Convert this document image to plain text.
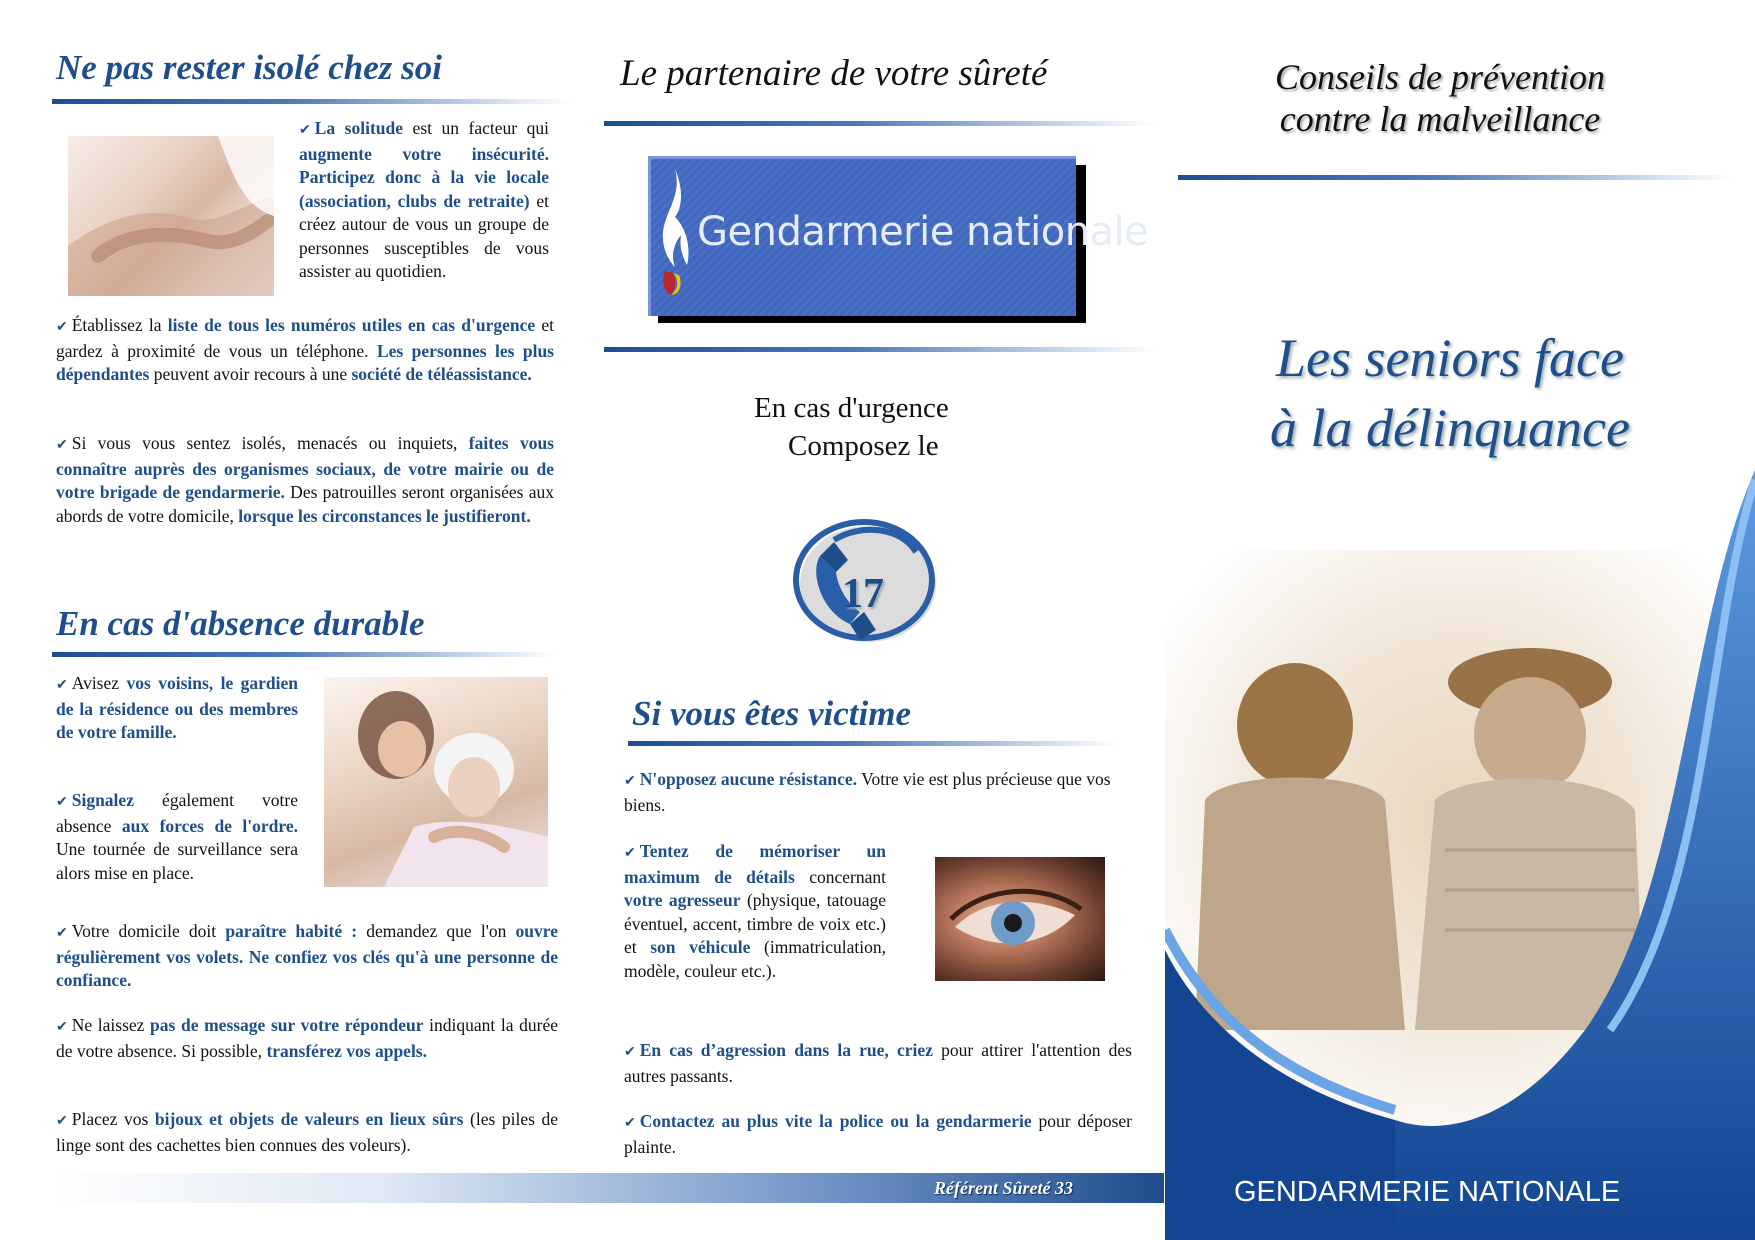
Ne pas rester isolé chez soi

✔ La solitude est un facteur qui augmente votre insécurité. Participez donc à la vie locale (association, clubs de retraite) et créez autour de vous un groupe de personnes susceptibles de vous assister au quotidien.

✔ Établissez la liste de tous les numéros utiles en cas d'urgence et gardez à proximité de vous un téléphone. Les personnes les plus dépendantes peuvent avoir recours à une société de téléassistance.

✔ Si vous vous sentez isolés, menacés ou inquiets, faites vous connaître auprès des organismes sociaux, de votre mairie ou de votre brigade de gendarmerie. Des patrouilles seront organisées aux abords de votre domicile, lorsque les circonstances le justifieront.

En cas d'absence durable

✔ Avisez vos voisins, le gardien de la résidence ou des membres de votre famille.

✔ Signalez également votre absence aux forces de l'ordre. Une tournée de surveillance sera alors mise en place.

✔ Votre domicile doit paraître habité : demandez que l'on ouvre régulièrement vos volets. Ne confiez vos clés qu'à une personne de confiance.

✔ Ne laissez pas de message sur votre répondeur indiquant la durée de votre absence. Si possible, transférez vos appels.

✔ Placez vos bijoux et objets de valeurs en lieux sûrs (les piles de linge sont des cachettes bien connues des voleurs).

Référent Sûreté 33
Le partenaire de votre sûreté
Gendarmerie nationale
En cas d'urgence
Composez le
17
Si vous êtes victime

✔ N'opposez aucune résistance. Votre vie est plus précieuse que vos biens.

✔ Tentez de mémoriser un maximum de détails concernant votre agresseur (physique, tatouage éventuel, accent, timbre de voix etc.) et son véhicule (immatriculation, modèle, couleur etc.).

✔ En cas d’agression dans la rue, criez pour attirer l'attention des autres passants.

✔ Contactez au plus vite la police ou la gendarmerie pour déposer plainte.

Conseils de prévention
contre la malveillance
Les seniors face
à la délinquance
GENDARMERIE NATIONALE
